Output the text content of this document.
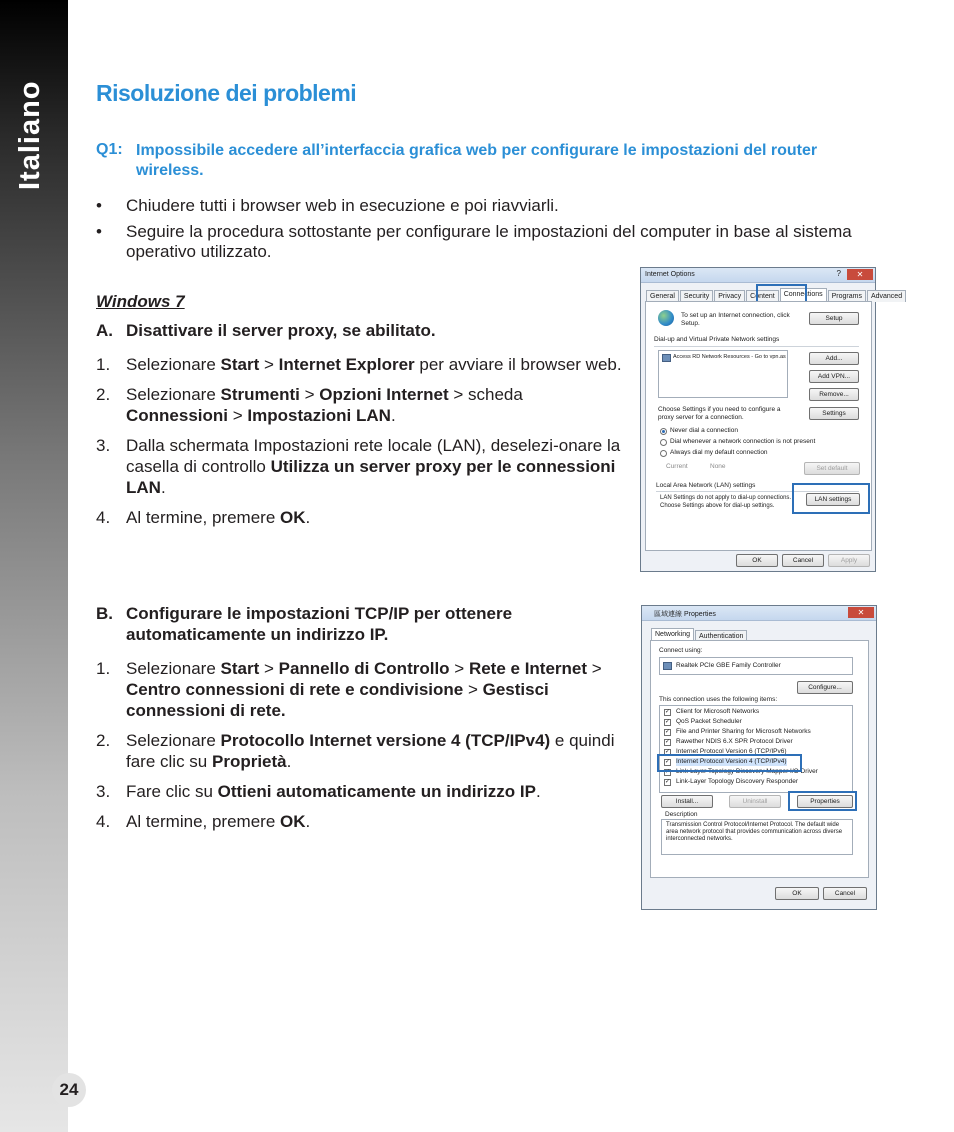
Italiano
24
Risoluzione dei problemi
Q1: Impossibile accedere all’interfaccia grafica web per configurare le impostazioni del router wireless.

• Chiudere tutti i browser web in esecuzione e poi riavviarli.
• Seguire la procedura sottostante per configurare le impostazioni del computer in base al sistema operativo utilizzato.
Windows 7
A. Disattivare il server proxy, se abilitato.
1. Selezionare Start > Internet Explorer per avviare il browser web.
2. Selezionare Strumenti > Opzioni Internet > scheda Connessioni > Impostazioni LAN.
3. Dalla schermata Impostazioni rete locale (LAN), deselezi-onare la casella di controllo Utilizza un server proxy per le connessioni LAN.
4. Al termine, premere OK.
B. Configurare le impostazioni TCP/IP per ottenere automaticamente un indirizzo IP.
1. Selezionare Start > Pannello di Controllo > Rete e Internet > Centro connessioni di rete e condivisione > Gestisci connessioni di rete.
2. Selezionare Protocollo Internet versione 4 (TCP/IPv4) e quindi fare clic su Proprietà.
3. Fare clic su Ottieni automaticamente un indirizzo IP.
4. Al termine, premere OK.
Internet Options	?	✕
General	Security	Privacy	Content	Connections	Programs	Advanced
To set up an Internet connection, click Setup.
Setup
Dial-up and Virtual Private Network settings
Access RD Network Resources - Go to vpn.as	Add...
Add VPN...
Remove...
Choose Settings if you need to configure a proxy server for a connection.
Settings
Never dial a connection
Dial whenever a network connection is not present
Always dial my default connection
Current	None	Set default
Local Area Network (LAN) settings
LAN Settings do not apply to dial-up connections.
Choose Settings above for dial-up settings.
LAN settings
OK	Cancel	Apply
區域連線 Properties	✕
Networking	Authentication
Connect using:
Realtek PCIe GBE Family Controller
Configure...
This connection uses the following items:
✓ Client for Microsoft Networks
✓ QoS Packet Scheduler
✓ File and Printer Sharing for Microsoft Networks
✓ Rawether NDIS 6.X SPR Protocol Driver
✓ Internet Protocol Version 6 (TCP/IPv6)
✓ Internet Protocol Version 4 (TCP/IPv4)
✓ Link-Layer Topology Discovery Mapper I/O Driver
✓ Link-Layer Topology Discovery Responder
Install...	Uninstall	Properties
Description
Transmission Control Protocol/Internet Protocol. The default wide area network protocol that provides communication across diverse interconnected networks.
OK	Cancel
